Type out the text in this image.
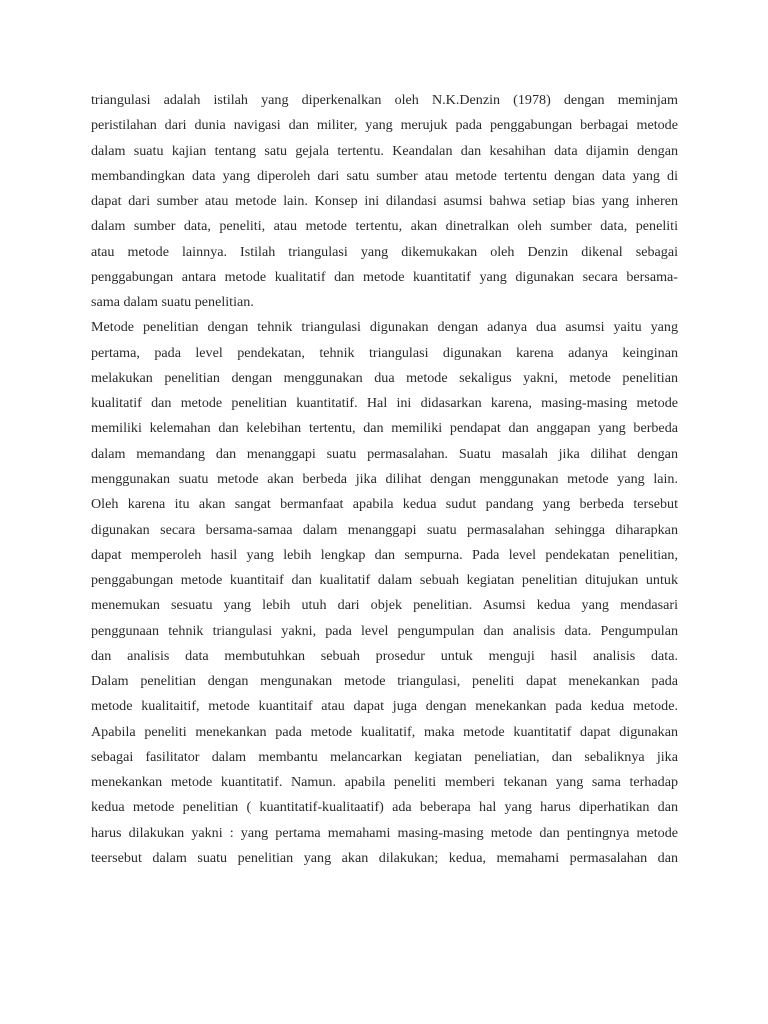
triangulasi adalah istilah yang diperkenalkan oleh N.K.Denzin (1978) dengan meminjam
peristilahan dari dunia navigasi dan militer, yang merujuk pada penggabungan berbagai metode
dalam suatu kajian tentang satu gejala tertentu. Keandalan dan kesahihan data dijamin dengan
membandingkan data yang diperoleh dari satu sumber atau metode tertentu dengan data yang di
dapat dari sumber atau metode lain. Konsep ini dilandasi asumsi bahwa setiap bias yang inheren
dalam sumber data, peneliti, atau metode tertentu, akan dinetralkan oleh sumber data, peneliti
atau metode lainnya. Istilah triangulasi yang dikemukakan oleh Denzin dikenal sebagai
penggabungan antara metode kualitatif dan metode kuantitatif yang digunakan secara bersama-
sama dalam suatu penelitian.
Metode penelitian dengan tehnik triangulasi digunakan dengan adanya dua asumsi yaitu yang
pertama, pada level pendekatan, tehnik triangulasi digunakan karena adanya keinginan
melakukan penelitian dengan menggunakan dua metode sekaligus yakni, metode penelitian
kualitatif dan metode penelitian kuantitatif. Hal ini didasarkan karena, masing-masing metode
memiliki kelemahan dan kelebihan tertentu, dan memiliki pendapat dan anggapan yang berbeda
dalam memandang dan menanggapi suatu permasalahan. Suatu masalah jika dilihat dengan
menggunakan suatu metode akan berbeda jika dilihat dengan menggunakan metode yang lain.
Oleh karena itu akan sangat bermanfaat apabila kedua sudut pandang yang berbeda tersebut
digunakan secara bersama-samaa dalam menanggapi suatu permasalahan sehingga diharapkan
dapat memperoleh hasil yang lebih lengkap dan sempurna. Pada level pendekatan penelitian,
penggabungan metode kuantitaif dan kualitatif dalam sebuah kegiatan penelitian ditujukan untuk
menemukan sesuatu yang lebih utuh dari objek penelitian. Asumsi kedua yang mendasari
penggunaan tehnik triangulasi yakni, pada level pengumpulan dan analisis data. Pengumpulan
dan analisis data membutuhkan sebuah prosedur untuk menguji hasil analisis data.
Dalam penelitian dengan mengunakan metode triangulasi, peneliti dapat menekankan pada
metode kualitaitif, metode kuantitaif atau dapat juga dengan menekankan pada kedua metode.
Apabila peneliti menekankan pada metode kualitatif, maka metode kuantitatif dapat digunakan
sebagai fasilitator dalam membantu melancarkan kegiatan peneliatian, dan sebaliknya jika
menekankan metode kuantitatif. Namun. apabila peneliti memberi tekanan yang sama terhadap
kedua metode penelitian ( kuantitatif-kualitaatif) ada beberapa hal yang harus diperhatikan dan
harus dilakukan yakni : yang pertama memahami masing-masing metode dan pentingnya metode
teersebut dalam suatu penelitian yang akan dilakukan; kedua, memahami permasalahan dan
